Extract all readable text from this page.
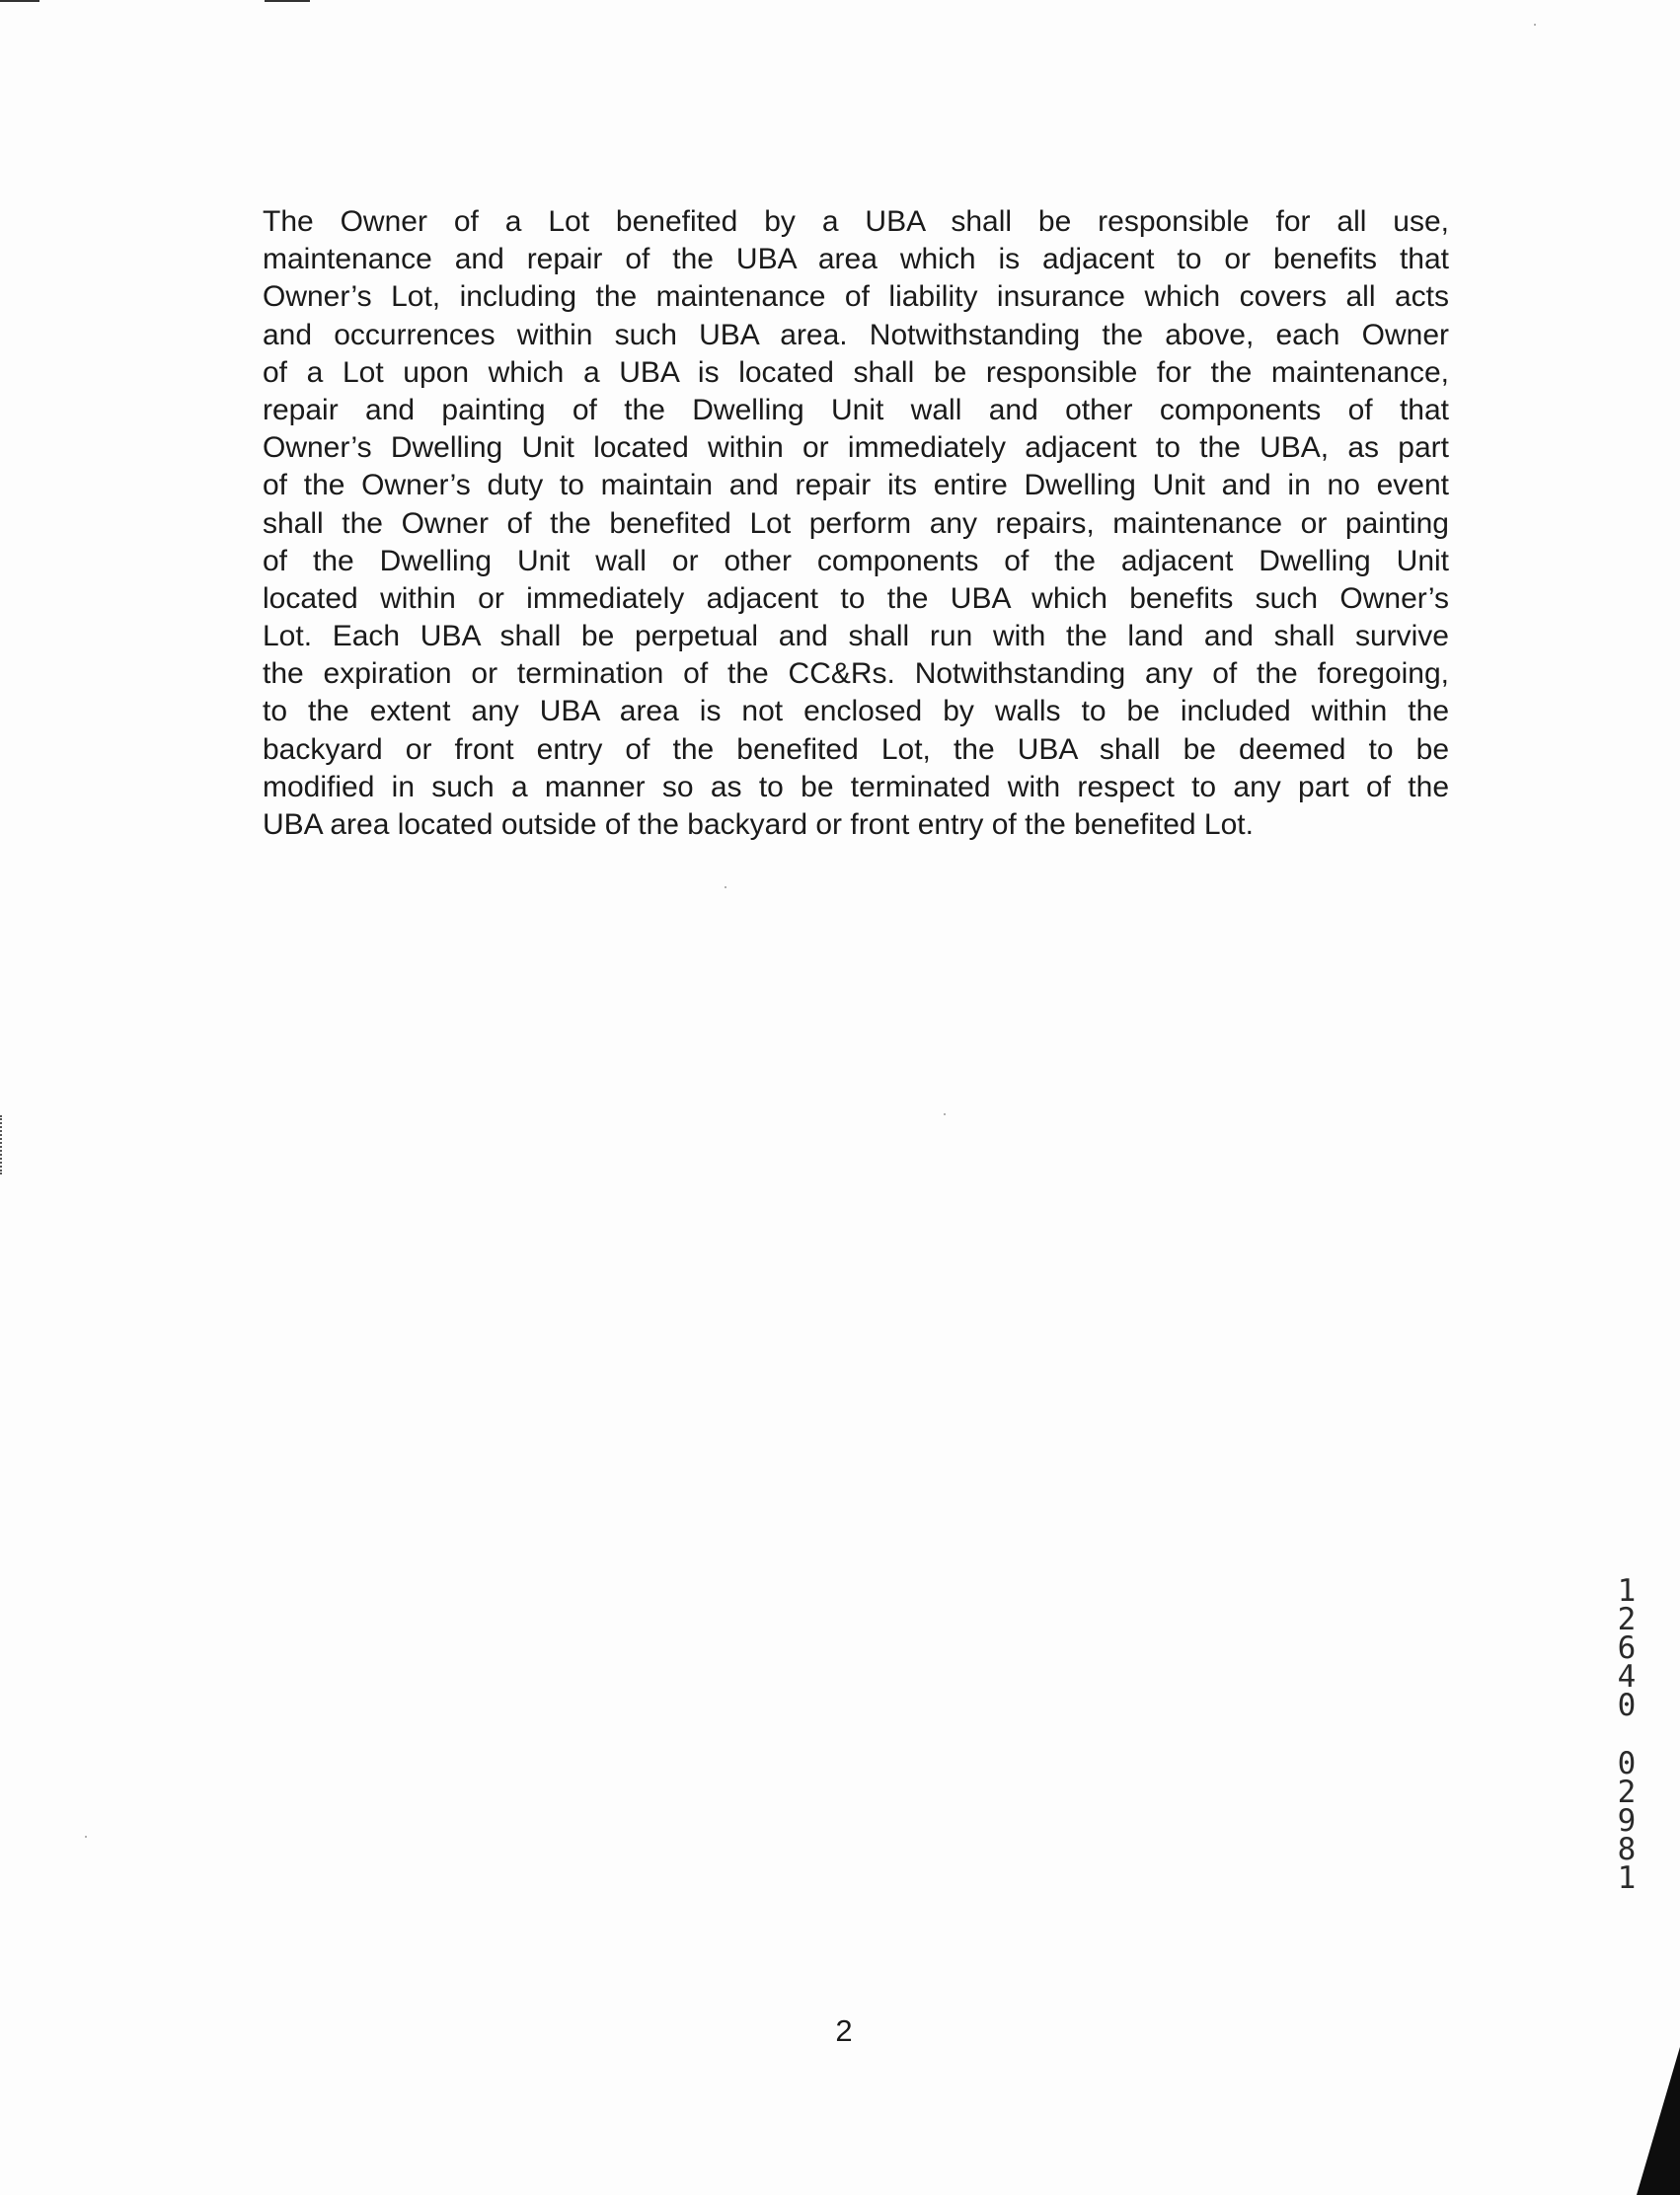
The Owner of a Lot benefited by a UBA shall be responsible for all use,
maintenance and repair of the UBA area which is adjacent to or benefits that
Owner’s Lot, including the maintenance of liability insurance which covers all acts
and occurrences within such UBA area. Notwithstanding the above, each Owner
of a Lot upon which a UBA is located shall be responsible for the maintenance,
repair and painting of the Dwelling Unit wall and other components of that
Owner’s Dwelling Unit located within or immediately adjacent to the UBA, as part
of the Owner’s duty to maintain and repair its entire Dwelling Unit and in no event
shall the Owner of the benefited Lot perform any repairs, maintenance or painting
of the Dwelling Unit wall or other components of the adjacent Dwelling Unit
located within or immediately adjacent to the UBA which benefits such Owner’s
Lot. Each UBA shall be perpetual and shall run with the land and shall survive
the expiration or termination of the CC&Rs. Notwithstanding any of the foregoing,
to the extent any UBA area is not enclosed by walls to be included within the
backyard or front entry of the benefited Lot, the UBA shall be deemed to be
modified in such a manner so as to be terminated with respect to any part of the
UBA area located outside of the backyard or front entry of the benefited Lot.
1
2
6
4
0
0
2
9
8
1
2
